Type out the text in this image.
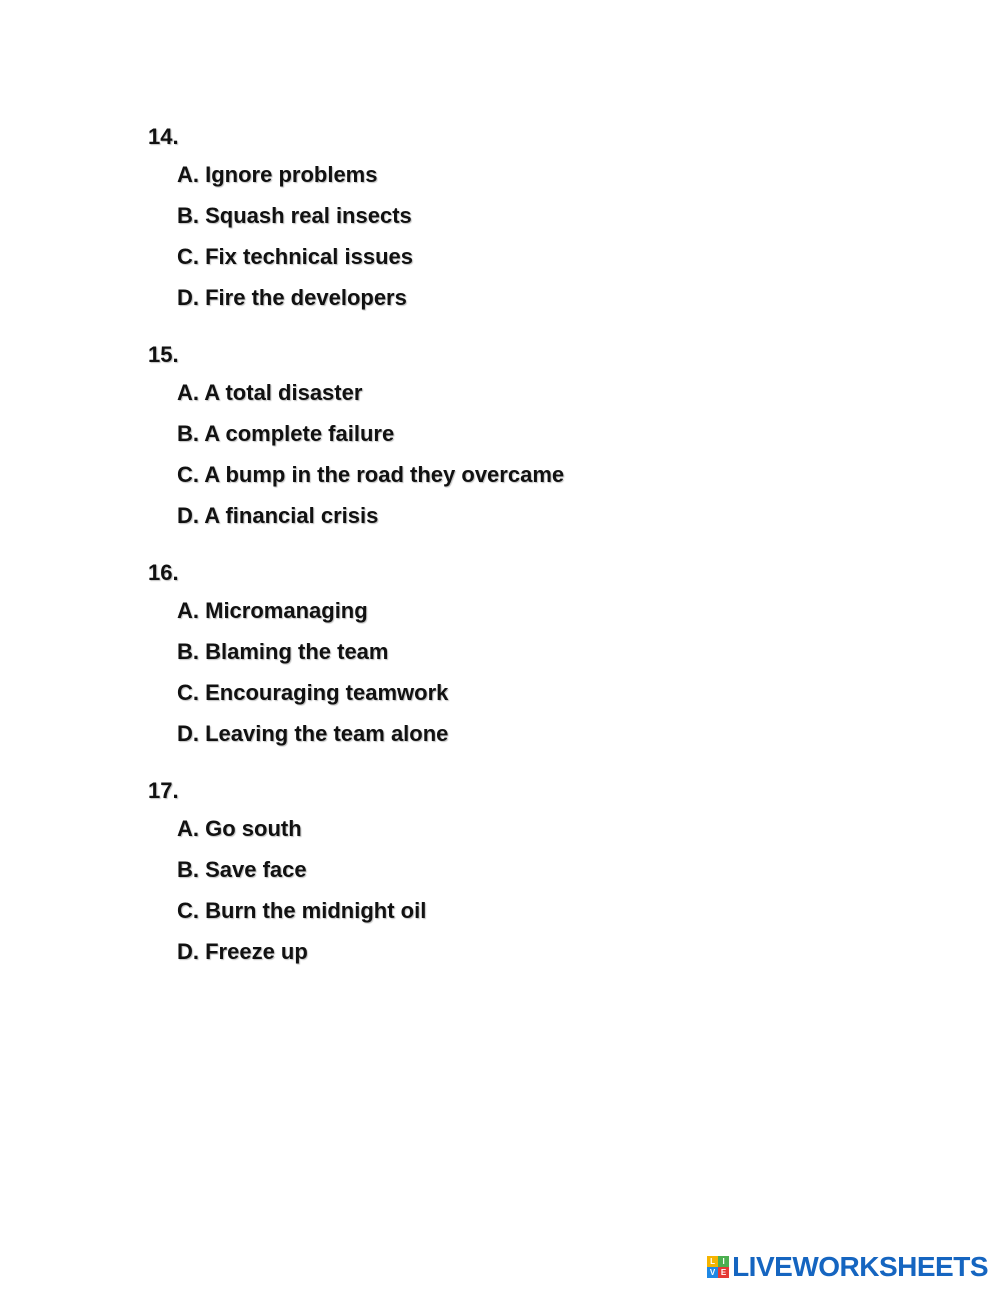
14.
A. Ignore problems
B. Squash real insects
C. Fix technical issues
D. Fire the developers
15.
A. A total disaster
B. A complete failure
C. A bump in the road they overcame
D. A financial crisis
16.
A. Micromanaging
B. Blaming the team
C. Encouraging teamwork
D. Leaving the team alone
17.
A. Go south
B. Save face
C. Burn the midnight oil
D. Freeze up
L I
V E LIVEWORKSHEETS
